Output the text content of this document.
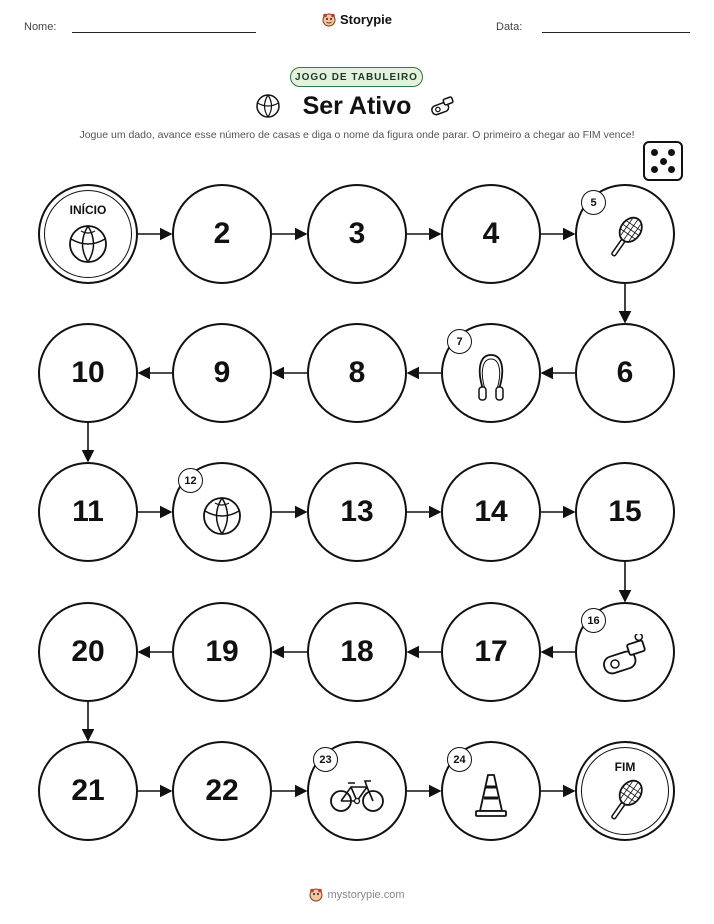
Nome:	Storypie	Data:
JOGO DE TABULEIRO
Ser Ativo
Jogue um dado, avance esse número de casas e diga o nome da figura onde parar. O primeiro a chegar ao FIM vence!
INÍCIO
2	3	4
5
6
7
8
9
10
11
12
13	14	15
16
17
18
19
20
21	22
23	24
FIM
mystorypie.com
